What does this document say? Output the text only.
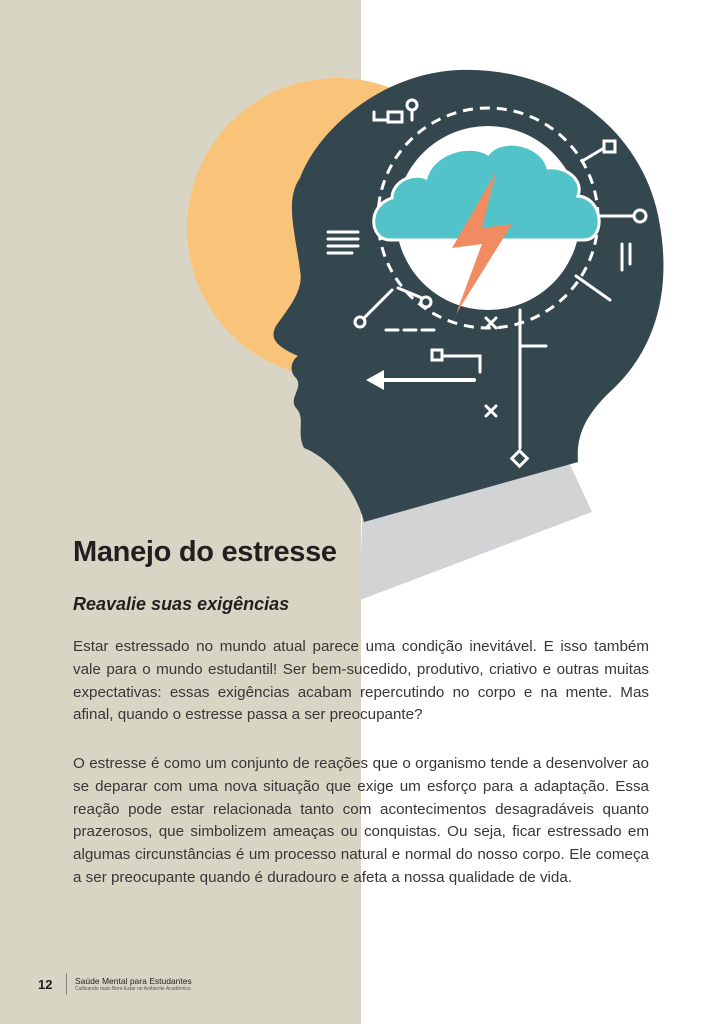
Manejo do estresse
Reavalie suas exigências

Estar estressado no mundo atual parece uma condição inevitável. E isso também vale para o mundo estudantil! Ser bem-sucedido, produtivo, criativo e outras muitas expectativas: essas exigências acabam repercutindo no corpo e na mente. Mas afinal, quando o estresse passa a ser preocupante?

O estresse é como um conjunto de reações que o organismo tende a desenvolver ao se deparar com uma nova situação que exige um esforço para a adaptação. Essa reação pode estar relacionada tanto com acontecimentos desagradáveis quanto prazerosos, que simbolizem ameaças ou conquistas. Ou seja, ficar estressado em algumas circunstâncias é um processo natural e normal do nosso corpo. Ele começa a ser preocupante quando é duradouro e afeta a nossa qualidade de vida.

12	Saúde Mental para Estudantes
Cultivando mais Bem-Estar no Ambiente Acadêmico
